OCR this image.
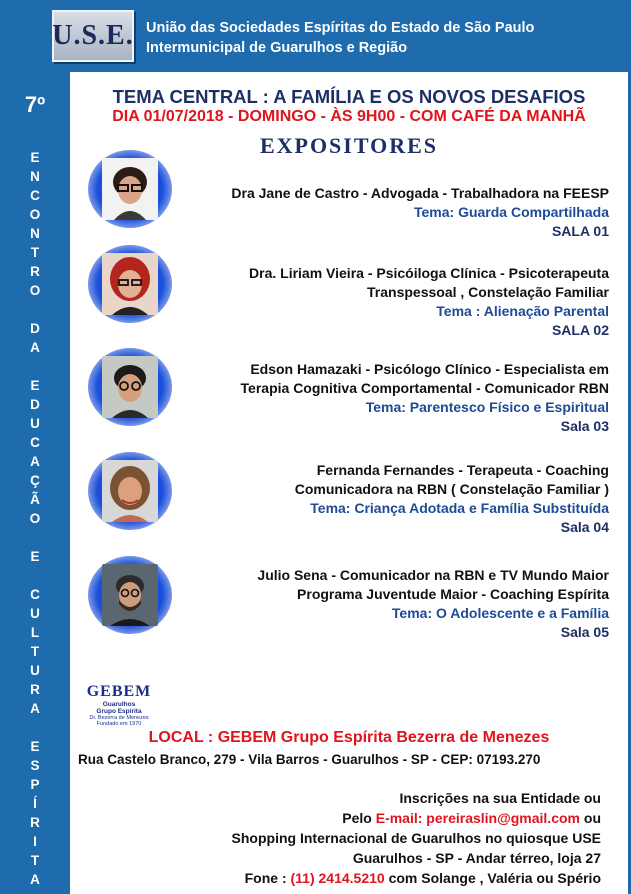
U.S.E. União das Sociedades Espíritas do Estado de São Paulo
Intermunicipal de Guarulhos e Região
7º
E
N
C
O
N
T
R
O
D
A
E
D
U
C
A
Ç
Ã
O
E
C
U
L
T
U
R
A
E
S
P
Í
R
I
T
A
TEMA CENTRAL : A FAMÍLIA E OS NOVOS DESAFIOS
DIA 01/07/2018 - DOMINGO - ÀS 9H00 - COM CAFÉ DA MANHÃ
EXPOSITORES
Dra Jane de Castro - Advogada - Trabalhadora na FEESP
Tema: Guarda Compartilhada
SALA 01
Dra. Liriam Vieira - Psicóiloga Clínica - Psicoterapeuta
Transpessoal , Constelação Familiar
Tema : Alienação Parental
SALA 02
Edson Hamazaki - Psicólogo Clínico - Especialista em
Terapia Cognitiva Comportamental - Comunicador RBN
Tema: Parentesco Físico e Espirìtual
Sala 03
Fernanda Fernandes - Terapeuta - Coaching
Comunicadora na RBN ( Constelação Familiar )
Tema: Criança Adotada e Família Substituída
Sala 04
Julio Sena - Comunicador na RBN e TV Mundo Maior
Programa Juventude Maior - Coaching Espírita
Tema: O Adolescente e a Família
Sala 05
GEBEM
Guarulhos
Grupo Espírita
Dr. Bezerra de Menezes
Fundado em 1970
LOCAL : GEBEM Grupo Espírita Bezerra de Menezes
Rua Castelo Branco, 279 - Vila Barros - Guarulhos - SP - CEP: 07193.270
Inscrições na sua Entidade ou
Pelo E-mail: pereiraslin@gmail.com ou
Shopping Internacional de Guarulhos no quiosque USE
Guarulhos - SP - Andar térreo, loja 27
Fone : (11) 2414.5210 com Solange , Valéria ou Spério
